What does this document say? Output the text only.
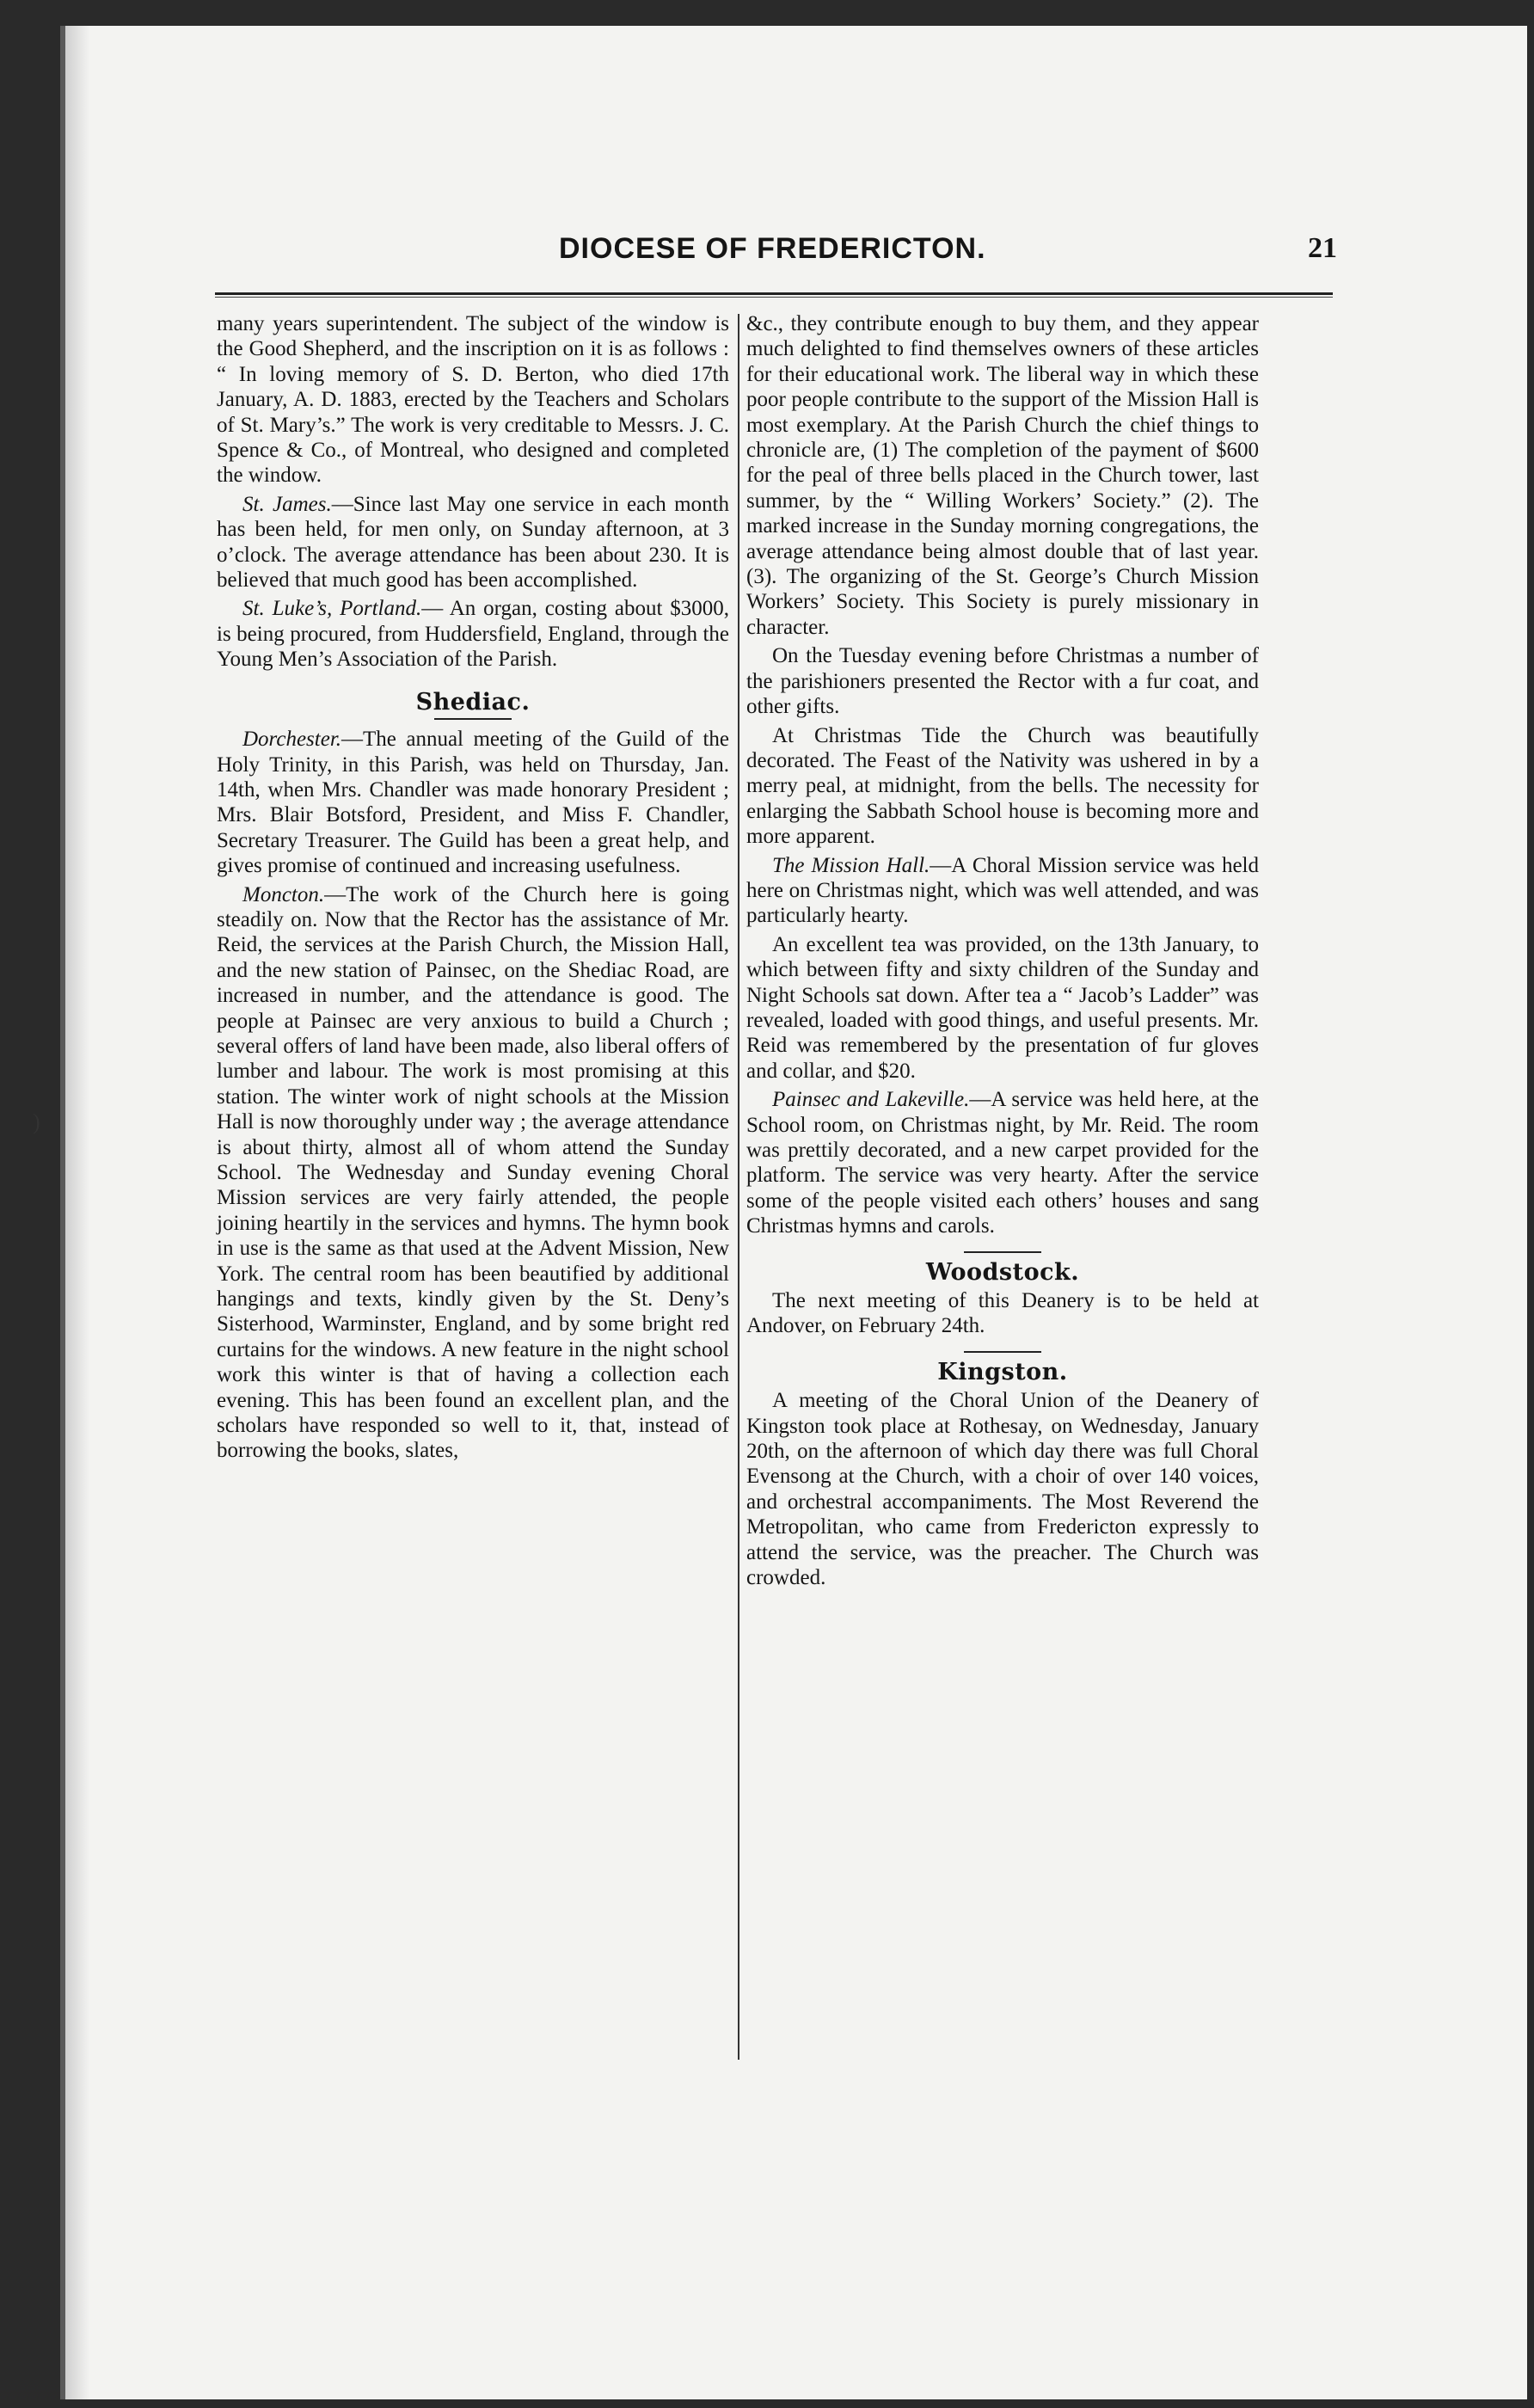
)
DIOCESE OF FREDERICTON.	21

many years superintendent. The subject of the window is the Good Shepherd, and the inscription on it is as follows : “ In loving memory of S. D. Berton, who died 17th January, A. D. 1883, erected by the Teachers and Scholars of St. Mary’s.” The work is very creditable to Messrs. J. C. Spence & Co., of Montreal, who designed and completed the window.

St. James.—Since last May one service in each month has been held, for men only, on Sunday afternoon, at 3 o’clock. The average attendance has been about 230. It is believed that much good has been accomplished.

St. Luke’s, Portland.— An organ, costing about $3000, is being procured, from Huddersfield, England, through the Young Men’s Association of the Parish.

Shediac.

Dorchester.—The annual meeting of the Guild of the Holy Trinity, in this Parish, was held on Thursday, Jan. 14th, when Mrs. Chandler was made honorary President ; Mrs. Blair Botsford, President, and Miss F. Chandler, Secretary Treasurer. The Guild has been a great help, and gives promise of continued and increasing usefulness.

Moncton.—The work of the Church here is going steadily on. Now that the Rector has the assistance of Mr. Reid, the services at the Parish Church, the Mission Hall, and the new station of Painsec, on the Shediac Road, are increased in number, and the attendance is good. The people at Painsec are very anxious to build a Church ; several offers of land have been made, also liberal offers of lumber and labour. The work is most promising at this station. The winter work of night schools at the Mission Hall is now thoroughly under way ; the average attendance is about thirty, almost all of whom attend the Sunday School. The Wednesday and Sunday evening Choral Mission services are very fairly attended, the people joining heartily in the services and hymns. The hymn book in use is the same as that used at the Advent Mission, New York. The central room has been beautified by additional hangings and texts, kindly given by the St. Deny’s Sisterhood, Warminster, England, and by some bright red curtains for the windows. A new feature in the night school work this winter is that of having a collection each evening. This has been found an excellent plan, and the scholars have responded so well to it, that, instead of borrowing the books, slates,

&c., they contribute enough to buy them, and they appear much delighted to find themselves owners of these articles for their educational work. The liberal way in which these poor people contribute to the support of the Mission Hall is most exemplary. At the Parish Church the chief things to chronicle are, (1) The completion of the payment of $600 for the peal of three bells placed in the Church tower, last summer, by the “ Willing Workers’ Society.” (2). The marked increase in the Sunday morning congregations, the average attendance being almost double that of last year. (3). The organizing of the St. George’s Church Mission Workers’ Society. This Society is purely missionary in character.

On the Tuesday evening before Christmas a number of the parishioners presented the Rector with a fur coat, and other gifts.

At Christmas Tide the Church was beautifully decorated. The Feast of the Nativity was ushered in by a merry peal, at midnight, from the bells. The necessity for enlarging the Sabbath School house is becoming more and more apparent.

The Mission Hall.—A Choral Mission service was held here on Christmas night, which was well attended, and was particularly hearty.

An excellent tea was provided, on the 13th January, to which between fifty and sixty children of the Sunday and Night Schools sat down. After tea a “ Jacob’s Ladder” was revealed, loaded with good things, and useful presents. Mr. Reid was remembered by the presentation of fur gloves and collar, and $20.

Painsec and Lakeville.—A service was held here, at the School room, on Christmas night, by Mr. Reid. The room was prettily decorated, and a new carpet provided for the platform. The service was very hearty. After the service some of the people visited each others’ houses and sang Christmas hymns and carols.

Woodstock.

The next meeting of this Deanery is to be held at Andover, on February 24th.

Kingston.

A meeting of the Choral Union of the Deanery of Kingston took place at Rothesay, on Wednesday, January 20th, on the afternoon of which day there was full Choral Evensong at the Church, with a choir of over 140 voices, and orchestral accompaniments. The Most Reverend the Metropolitan, who came from Fredericton expressly to attend the service, was the preacher. The Church was crowded.
